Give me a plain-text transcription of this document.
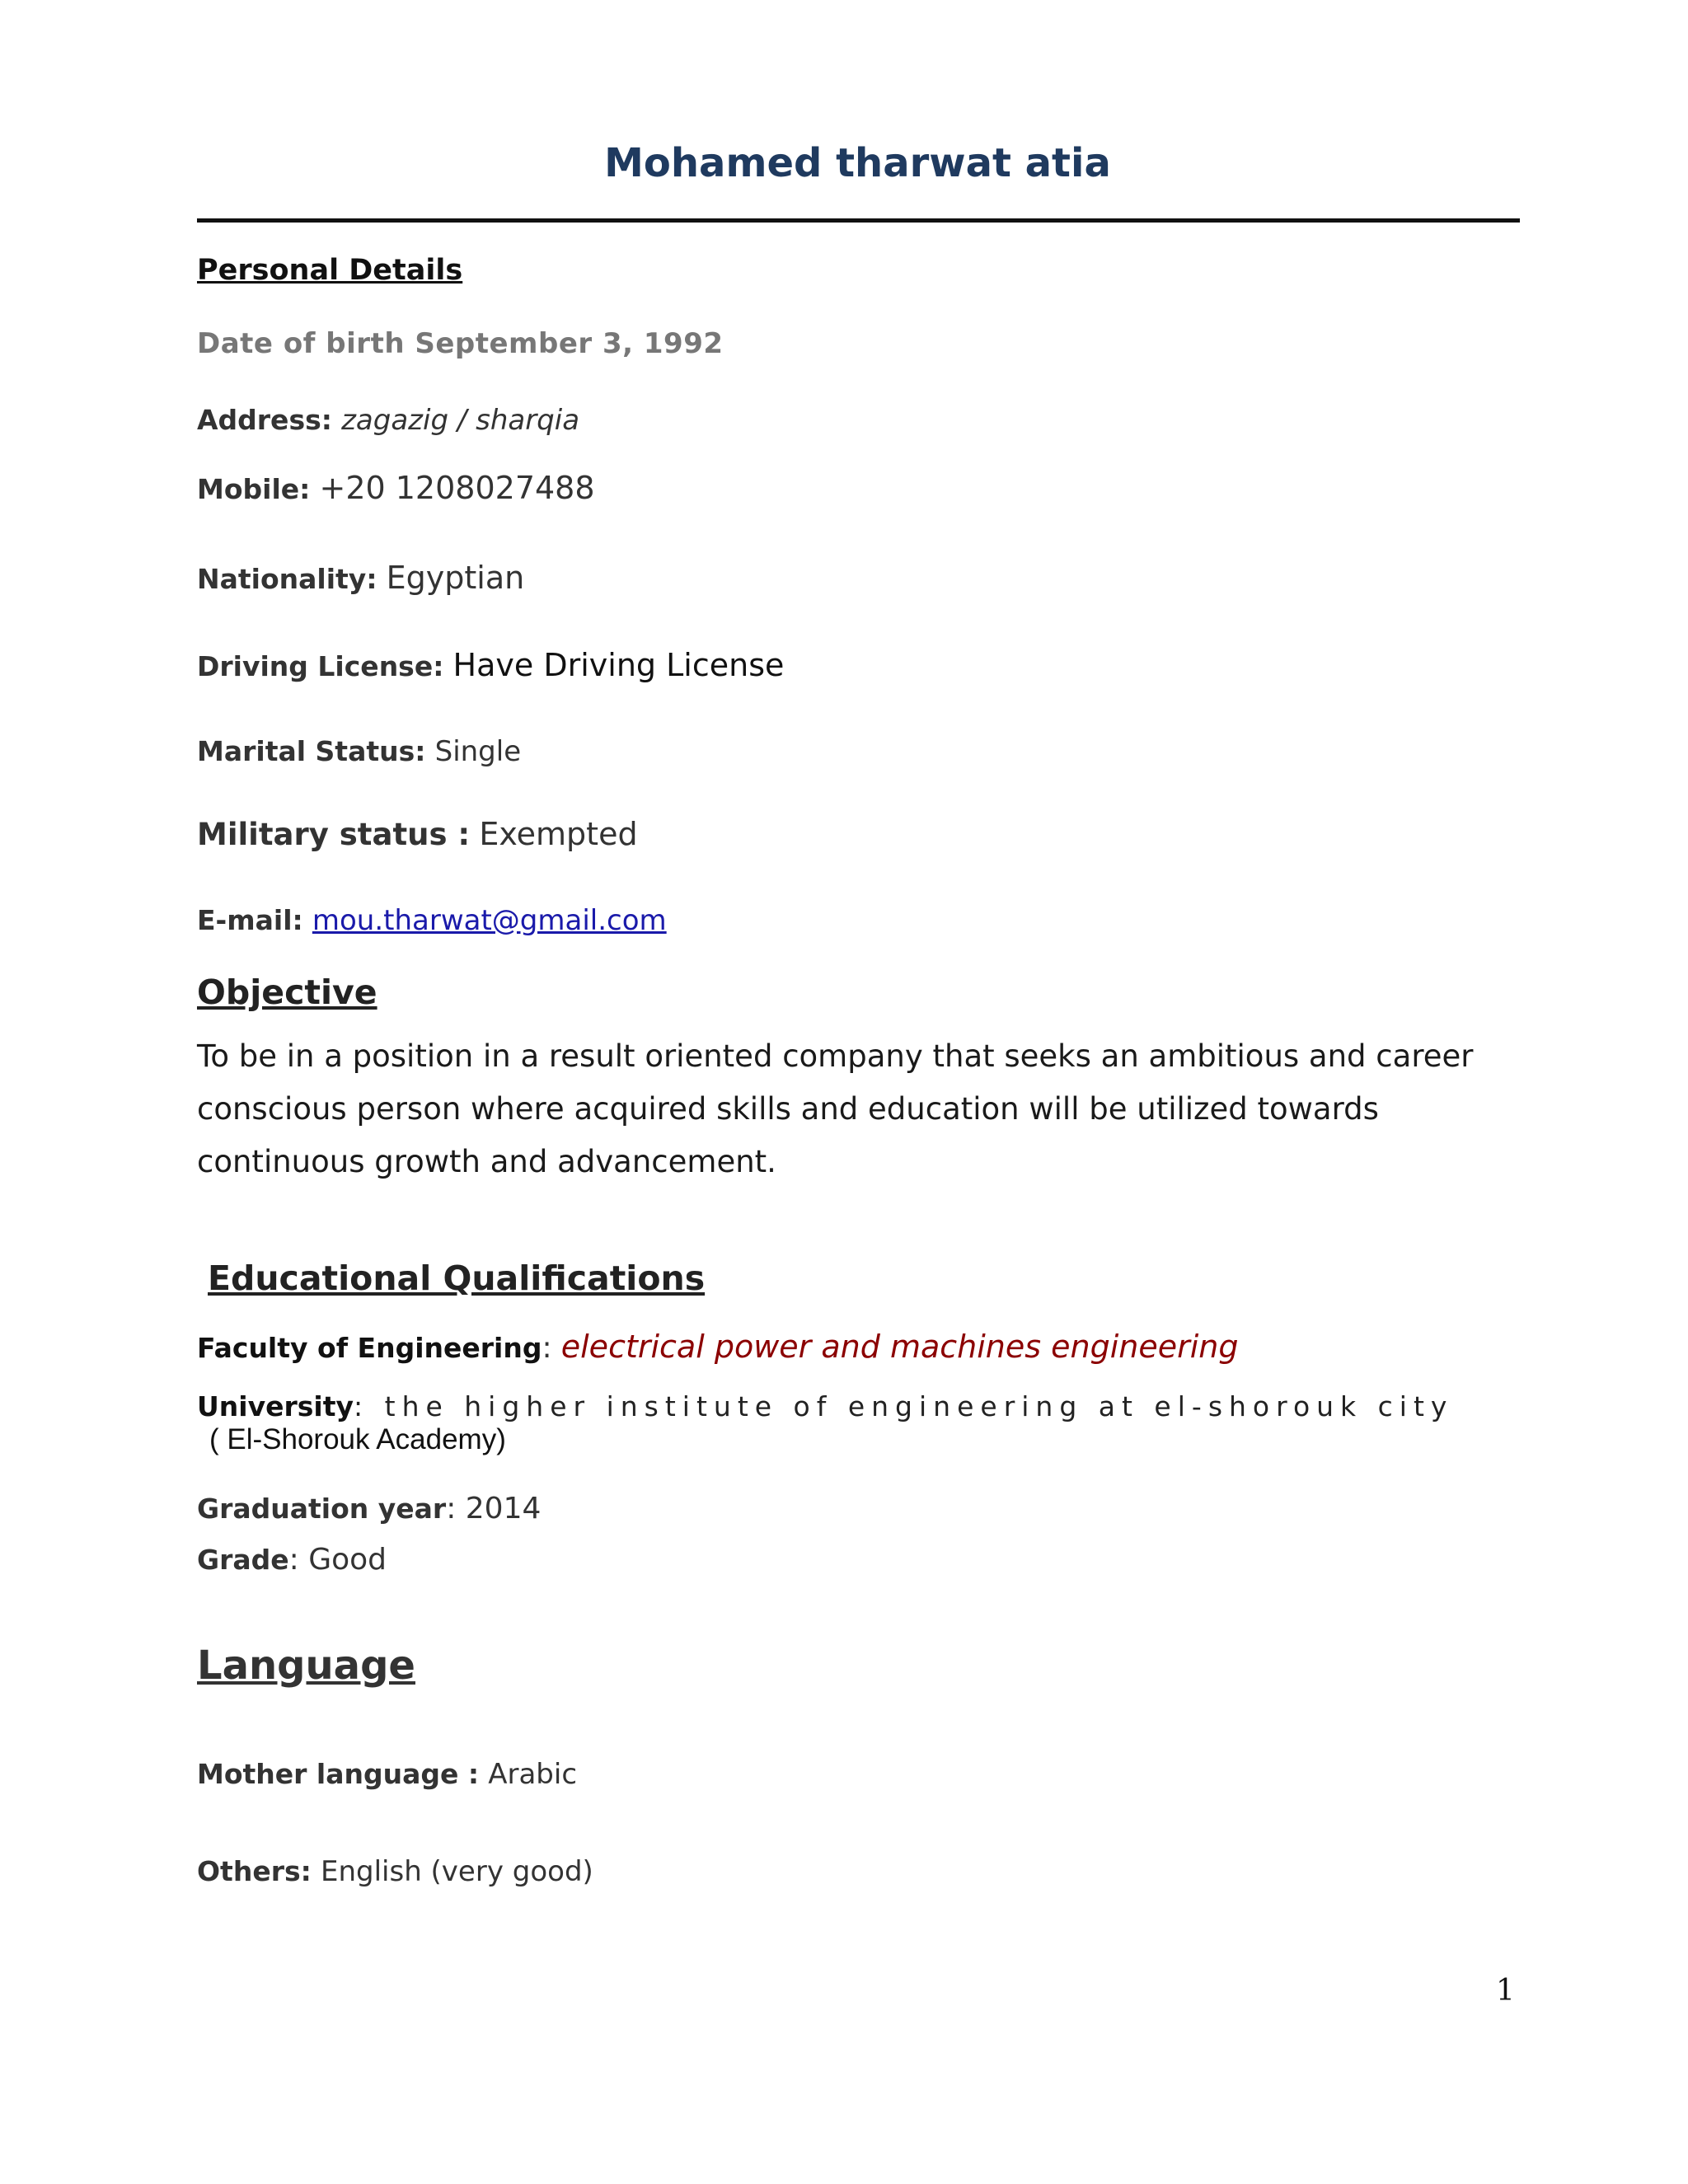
Mohamed tharwat atia
Personal Details
Date of birth September 3, 1992
Address: zagazig / sharqia
Mobile: +20 1208027488
Nationality: Egyptian
Driving License: Have Driving License
Marital Status: Single
Military status : Exempted
E-mail: mou.tharwat@gmail.com
Objective
To be in a position in a result oriented company that seeks an ambitious and career conscious person where acquired skills and education will be utilized towards continuous growth and advancement.
Educational Qualifications
Faculty of Engineering: electrical power and machines engineering
University: the higher institute of engineering at el-shorouk city
( El-Shorouk Academy)
Graduation year: 2014
Grade: Good
Language
Mother language : Arabic
Others: English (very good)
1
